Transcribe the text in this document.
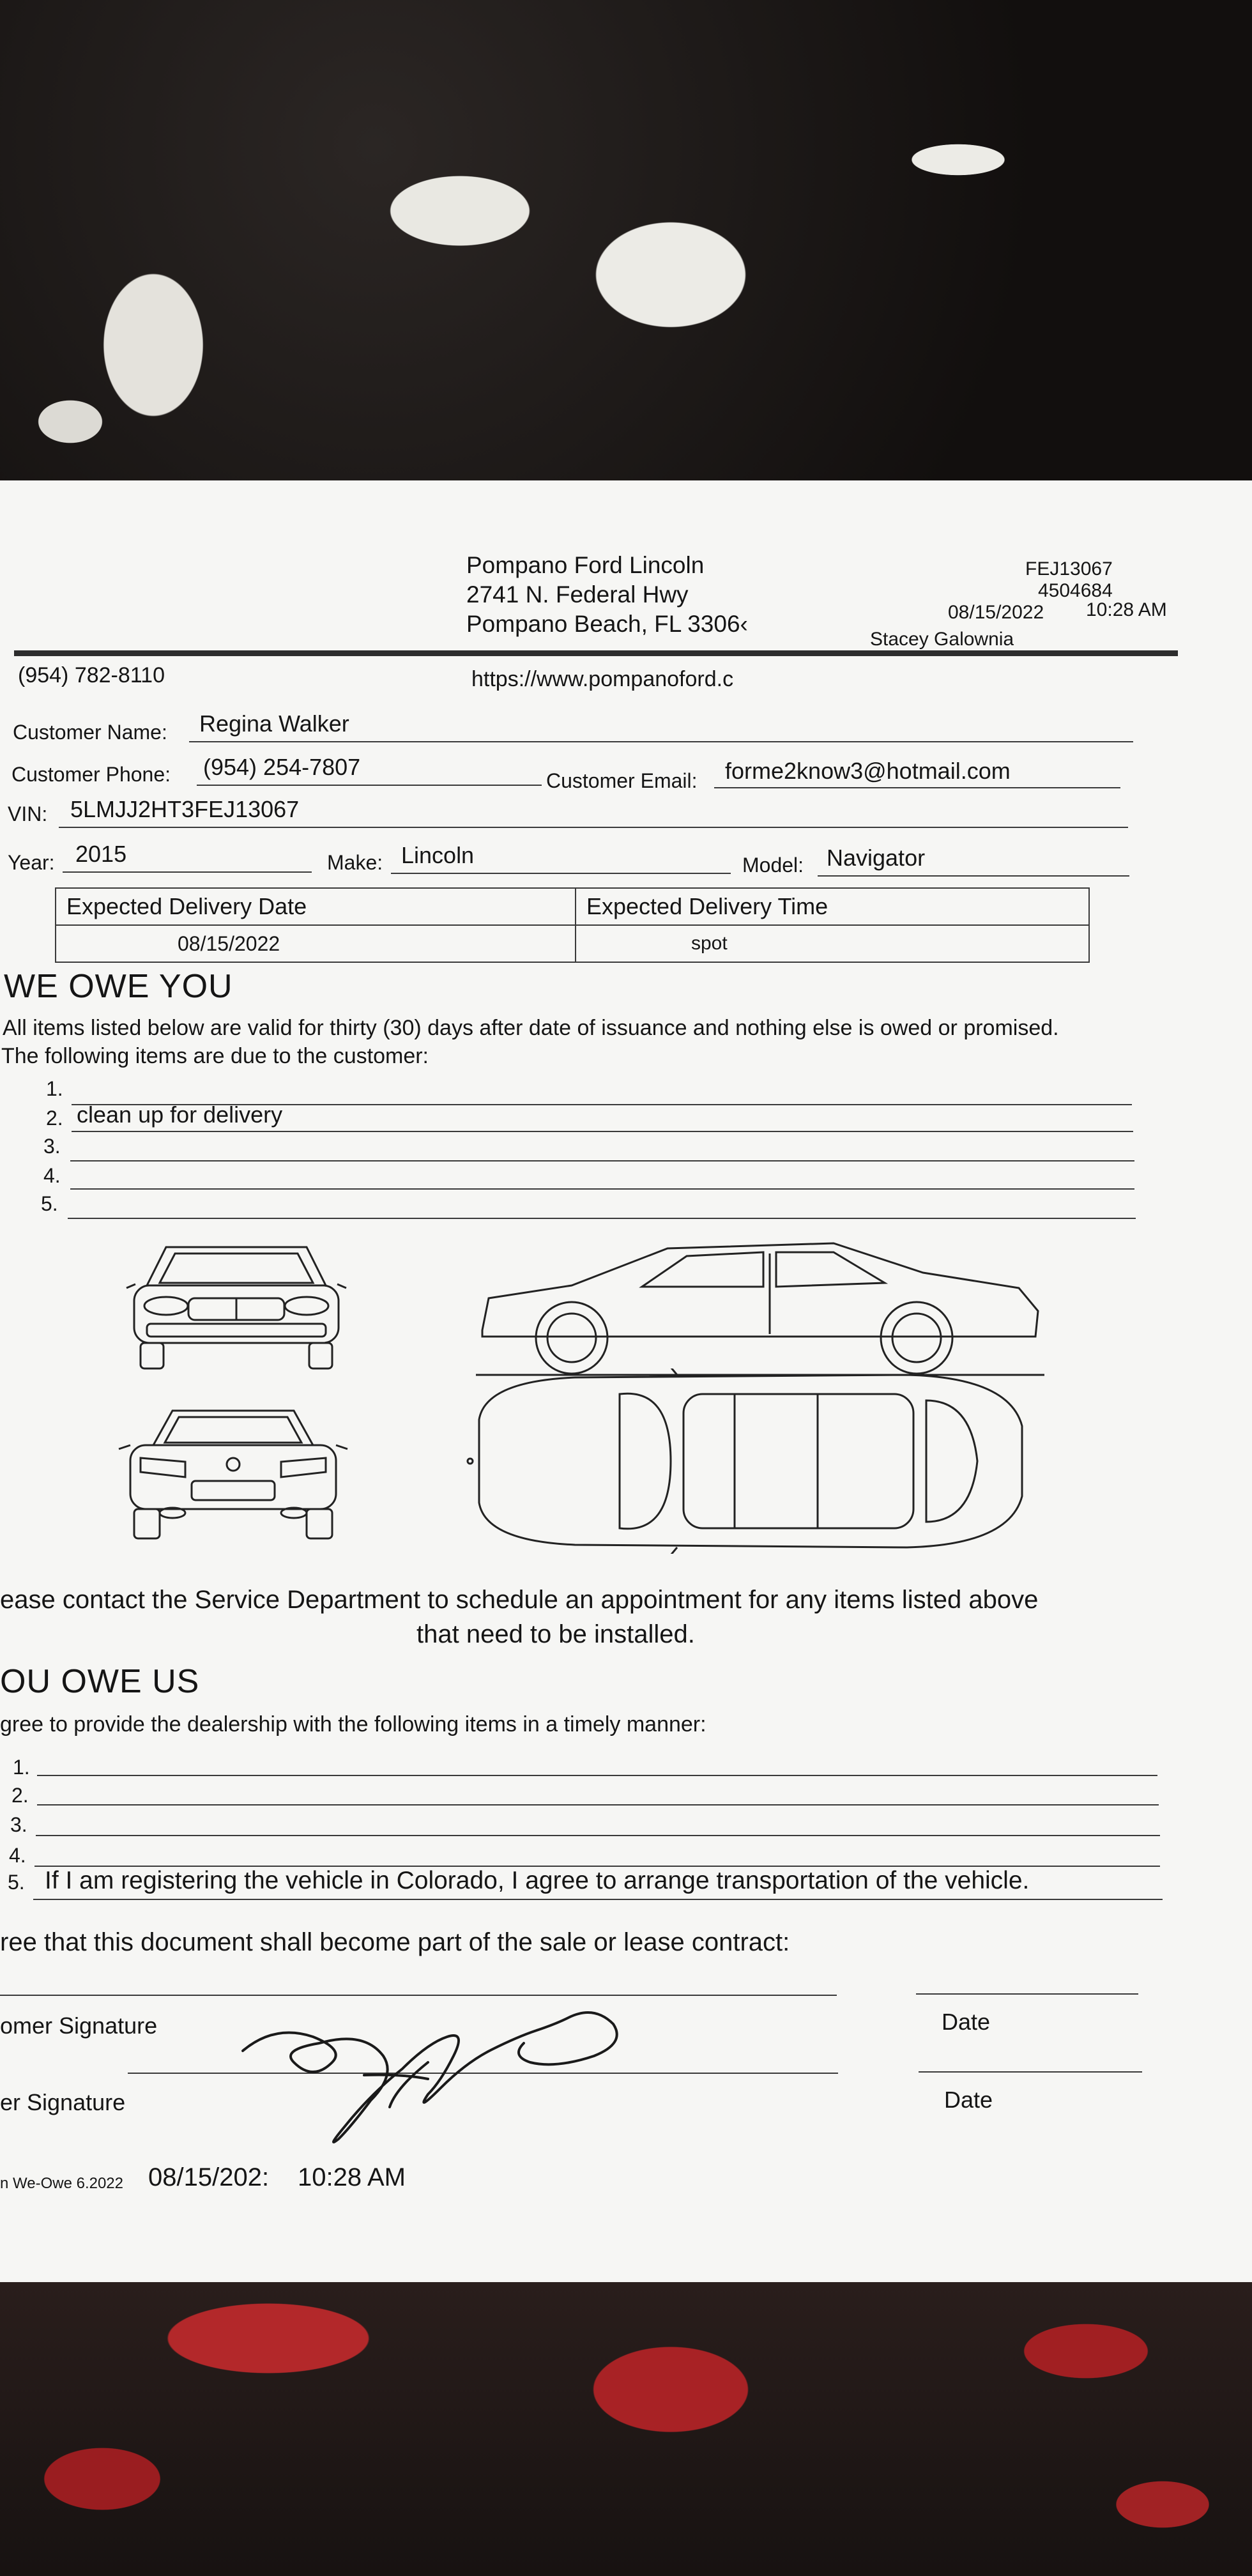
Pompano Ford Lincoln
2741 N. Federal Hwy
Pompano Beach, FL 3306‹
FEJ13067
4504684
08/15/2022 10:28 AM
Stacey Galownia
(954) 782-8110	https://www.pompanoford.c
Customer Name: Regina Walker
Customer Phone: (954) 254-7807
Customer Email: forme2know3@hotmail.com
VIN: 5LMJJ2HT3FEJ13067
Year: 2015	Make: Lincoln	Model: Navigator
Expected Delivery Date	Expected Delivery Time
08/15/2022	spot
WE OWE YOU
All items listed below are valid for thirty (30) days after date of issuance and nothing else is owed or promised.
The following items are due to the customer:
1.
2. clean up for delivery
3.
4.
5.
ease contact the Service Department to schedule an appointment for any items listed above
that need to be installed.
OU OWE US
gree to provide the dealership with the following items in a timely manner:
1.
2.
3.
4.
5. If I am registering the vehicle in Colorado, I agree to arrange transportation of the vehicle.
ree that this document shall become part of the sale or lease contract:
omer Signature	Date
er Signature	Date
n We-Owe 6.2022 08/15/202: 10:28 AM
